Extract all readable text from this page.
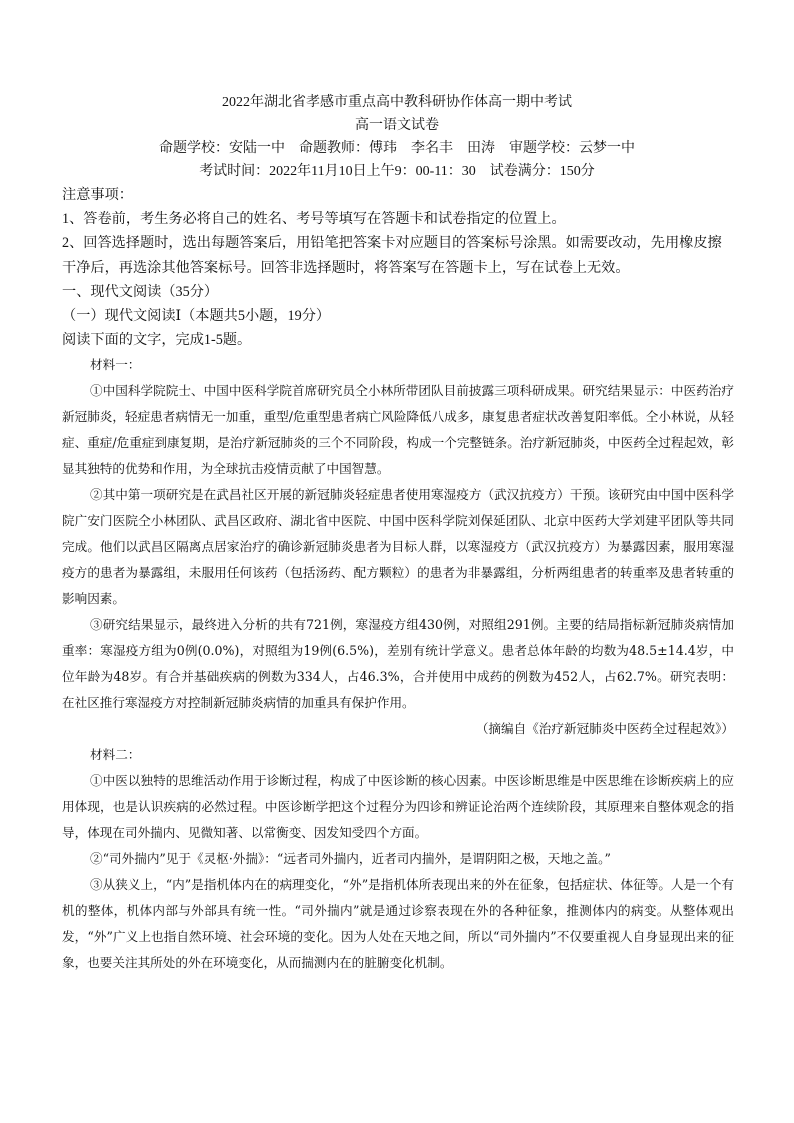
2022年湖北省孝感市重点高中教科研协作体高一期中考试
高一语文试卷
命题学校：安陆一中　命题教师：傅玮　李名丰　田涛　审题学校：云梦一中
考试时间：2022年11月10日上午9：00-11：30　试卷满分：150分

注意事项：

1、答卷前，考生务必将自己的姓名、考号等填写在答题卡和试卷指定的位置上。

2、回答选择题时，选出每题答案后，用铅笔把答案卡对应题目的答案标号涂黑。如需要改动，先用橡皮擦干净后，再选涂其他答案标号。回答非选择题时，将答案写在答题卡上，写在试卷上无效。

一、现代文阅读（35分）

（一）现代文阅读Ⅰ（本题共5小题，19分）

阅读下面的文字，完成1-5题。

材料一：

①中国科学院院士、中国中医科学院首席研究员仝小林所带团队目前披露三项科研成果。研究结果显示：中医药治疗新冠肺炎，轻症患者病情无一加重，重型/危重型患者病亡风险降低八成多，康复患者症状改善复阳率低。仝小林说，从轻症、重症/危重症到康复期，是治疗新冠肺炎的三个不同阶段，构成一个完整链条。治疗新冠肺炎，中医药全过程起效，彰显其独特的优势和作用，为全球抗击疫情贡献了中国智慧。

②其中第一项研究是在武昌社区开展的新冠肺炎轻症患者使用寒湿疫方（武汉抗疫方）干预。该研究由中国中医科学院广安门医院仝小林团队、武昌区政府、湖北省中医院、中国中医科学院刘保延团队、北京中医药大学刘建平团队等共同完成。他们以武昌区隔离点居家治疗的确诊新冠肺炎患者为目标人群，以寒湿疫方（武汉抗疫方）为暴露因素，服用寒湿疫方的患者为暴露组，未服用任何该药（包括汤药、配方颗粒）的患者为非暴露组，分析两组患者的转重率及患者转重的影响因素。

③研究结果显示，最终进入分析的共有721例，寒湿疫方组430例，对照组291例。主要的结局指标新冠肺炎病情加重率：寒湿疫方组为0例(0.0%)，对照组为19例(6.5%)，差别有统计学意义。患者总体年龄的均数为48.5±14.4岁，中位年龄为48岁。有合并基础疾病的例数为334人，占46.3%，合并使用中成药的例数为452人，占62.7%。研究表明：在社区推行寒湿疫方对控制新冠肺炎病情的加重具有保护作用。

（摘编自《治疗新冠肺炎中医药全过程起效》）

材料二：

①中医以独特的思维活动作用于诊断过程，构成了中医诊断的核心因素。中医诊断思维是中医思维在诊断疾病上的应用体现，也是认识疾病的必然过程。中医诊断学把这个过程分为四诊和辨证论治两个连续阶段，其原理来自整体观念的指导，体现在司外揣内、见微知著、以常衡变、因发知受四个方面。

②“司外揣内”见于《灵枢·外揣》：“远者司外揣内，近者司内揣外，是谓阴阳之极，天地之盖。”

③从狭义上，“内”是指机体内在的病理变化，“外”是指机体所表现出来的外在征象，包括症状、体征等。人是一个有机的整体，机体内部与外部具有统一性。“司外揣内”就是通过诊察表现在外的各种征象，推测体内的病变。从整体观出发，“外”广义上也指自然环境、社会环境的变化。因为人处在天地之间，所以“司外揣内”不仅要重视人自身显现出来的征象，也要关注其所处的外在环境变化，从而揣测内在的脏腑变化机制。
